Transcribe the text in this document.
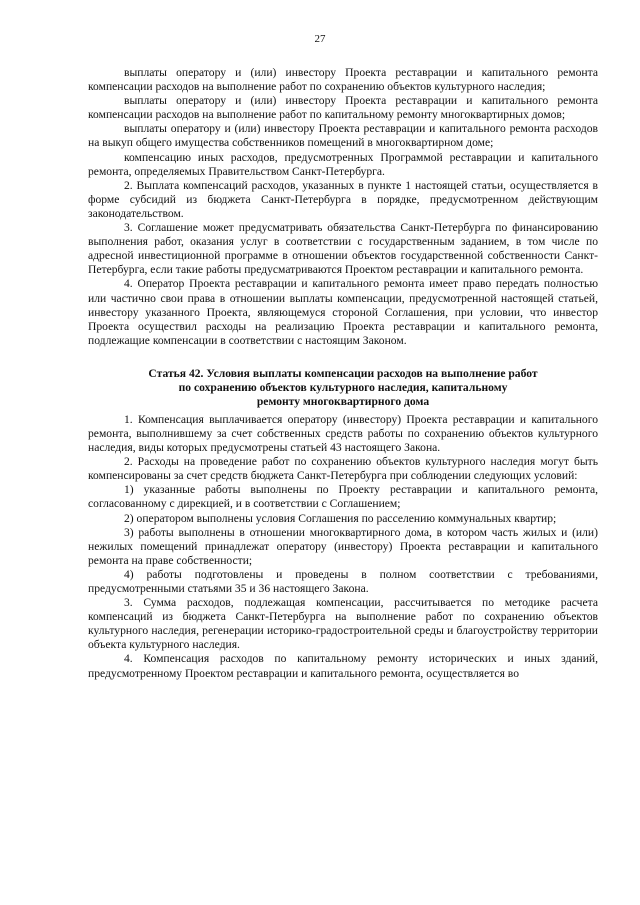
27

выплаты оператору и (или) инвестору Проекта реставрации и капитального ремонта компенсации расходов на выполнение работ по сохранению объектов культурного наследия;

выплаты оператору и (или) инвестору Проекта реставрации и капитального ремонта компенсации расходов на выполнение работ по капитальному ремонту многоквартирных домов;

выплаты оператору и (или) инвестору Проекта реставрации и капитального ремонта расходов на выкуп общего имущества собственников помещений в многоквартирном доме;

компенсацию иных расходов, предусмотренных Программой реставрации и капитального ремонта, определяемых Правительством Санкт-Петербурга.

2. Выплата компенсаций расходов, указанных в пункте 1 настоящей статьи, осуществляется в форме субсидий из бюджета Санкт-Петербурга в порядке, предусмотренном действующим законодательством.

3. Соглашение может предусматривать обязательства Санкт-Петербурга по финансированию выполнения работ, оказания услуг в соответствии с государственным заданием, в том числе по адресной инвестиционной программе в отношении объектов государственной собственности Санкт-Петербурга, если такие работы предусматриваются Проектом реставрации и капитального ремонта.

4. Оператор Проекта реставрации и капитального ремонта имеет право передать полностью или частично свои права в отношении выплаты компенсации, предусмотренной настоящей статьей, инвестору указанного Проекта, являющемуся стороной Соглашения, при условии, что инвестор Проекта осуществил расходы на реализацию Проекта реставрации и капитального ремонта, подлежащие компенсации в соответствии с настоящим Законом.

Статья 42. Условия выплаты компенсации расходов на выполнение работ
по сохранению объектов культурного наследия, капитальному
ремонту многоквартирного дома

1. Компенсация выплачивается оператору (инвестору) Проекта реставрации и капитального ремонта, выполнившему за счет собственных средств работы по сохранению объектов культурного наследия, виды которых предусмотрены статьей 43 настоящего Закона.

2. Расходы на проведение работ по сохранению объектов культурного наследия могут быть компенсированы за счет средств бюджета Санкт-Петербурга при соблюдении следующих условий:

1) указанные работы выполнены по Проекту реставрации и капитального ремонта, согласованному с дирекцией, и в соответствии с Соглашением;

2) оператором выполнены условия Соглашения по расселению коммунальных квартир;

3) работы выполнены в отношении многоквартирного дома, в котором часть жилых и (или) нежилых помещений принадлежат оператору (инвестору) Проекта реставрации и капитального ремонта на праве собственности;

4) работы подготовлены и проведены в полном соответствии с требованиями, предусмотренными статьями 35 и 36 настоящего Закона.

3. Сумма расходов, подлежащая компенсации, рассчитывается по методике расчета компенсаций из бюджета Санкт-Петербурга на выполнение работ по сохранению объектов культурного наследия, регенерации историко-градостроительной среды и благоустройству территории объекта культурного наследия.

4. Компенсация расходов по капитальному ремонту исторических и иных зданий, предусмотренному Проектом реставрации и капитального ремонта, осуществляется во
